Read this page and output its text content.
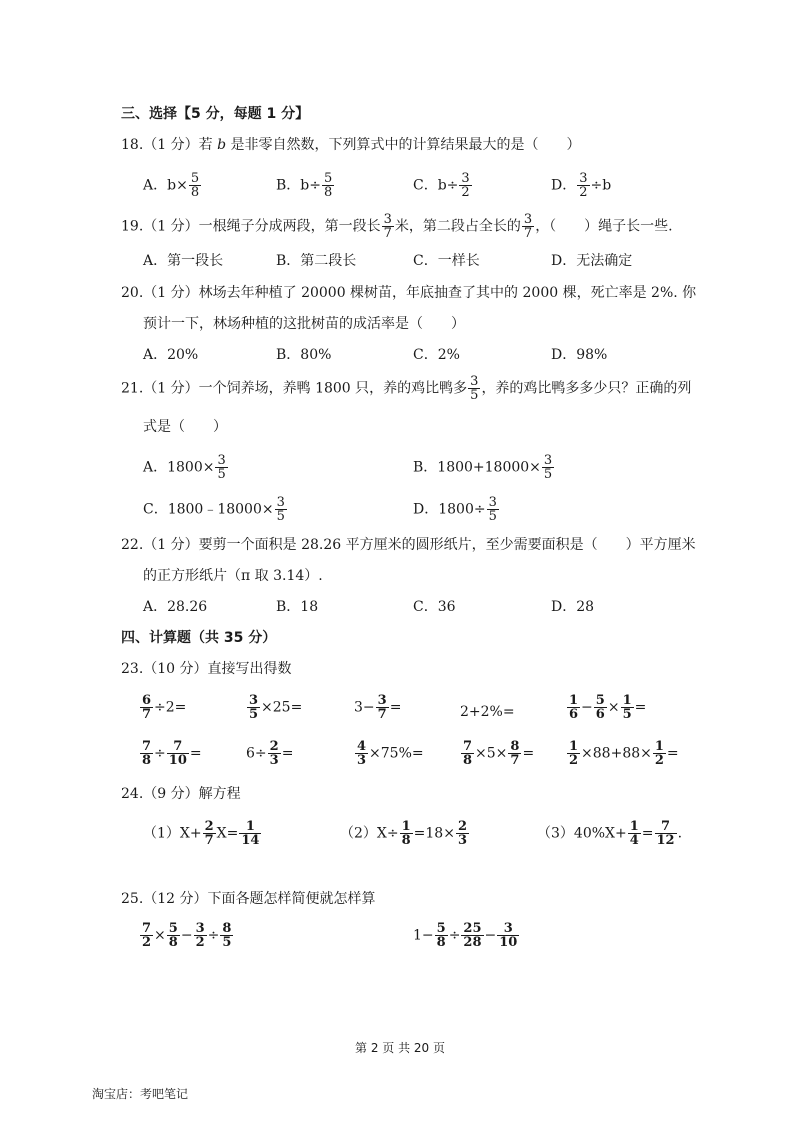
三、选择【5 分，每题 1 分】
18.（1 分）若 b 是非零自然数，下列算式中的计算结果最大的是（　　）
A．$b\times \frac{5}{8}$	B．$b\div \frac{5}{8}$	C．$b\div \frac{3}{2}$	D． $\frac{3}{2} \div b$
19.（1 分）一根绳子分成两段，第一段长 $\frac{3}{7}$ 米，第二段占全长的 $\frac{3}{7}$ ，（　　）绳子长一些.
A．第一段长	B．第二段长	C．一样长	D．无法确定
20.（1 分）林场去年种植了 20000 棵树苗，年底抽查了其中的 2000 棵，死亡率是 2%. 你
预计一下，林场种植的这批树苗的成活率是（　　）
A．20%	B．80%	C．2%	D．98%
21.（1 分）一个饲养场，养鸭 1800 只，养的鸡比鸭多 $\frac{3}{5}$ ，养的鸡比鸭多多少只？正确的列
式是（　　）
A．$1800\times \frac{3}{5}$	B．$1800+18000\times \frac{3}{5}$
C．1800﹣18000× $\frac{3}{5}$	D．$1800\div \frac{3}{5}$
22.（1 分）要剪一个面积是 28.26 平方厘米的圆形纸片，至少需要面积是（　　）平方厘米
的正方形纸片（π 取 3.14）.
A．28.26	B．18	C．36	D．28
四、计算题（共 35 分）
23.（10 分）直接写出得数
$\frac{6}{7} \div 2=$	$\frac{3}{5} \times 25=$	$3- \frac{3}{7}$ =	2+2%=	$\frac{1}{6} - \frac{5}{6} \times \frac{1}{5}$ =
$\frac{7}{8} \div \frac{7}{10}$ =	$6\div \frac{2}{3}$ =	$\frac{4}{3} \times 75\%=$	$\frac{7}{8} \times 5\times \frac{8}{7}$ =	$\frac{1}{2} \times 88+88\times \frac{1}{2}$ =
24.（9 分）解方程
$(1)X+ \frac{2}{7} X= \frac{1}{14}$	$(2)X\div \frac{1}{8} =18\times \frac{2}{3}$	$(3)40\%X+ \frac{1}{4} = \frac{7}{12}$ .
25.（12 分）下面各题怎样简便就怎样算
$\frac{7}{2} \times \frac{5}{8} - \frac{3}{2} \div \frac{8}{5}$	$1- \frac{5}{8} \div \frac{25}{28} - \frac{3}{10}$
第 2 页 共 20 页
淘宝店：考吧笔记
